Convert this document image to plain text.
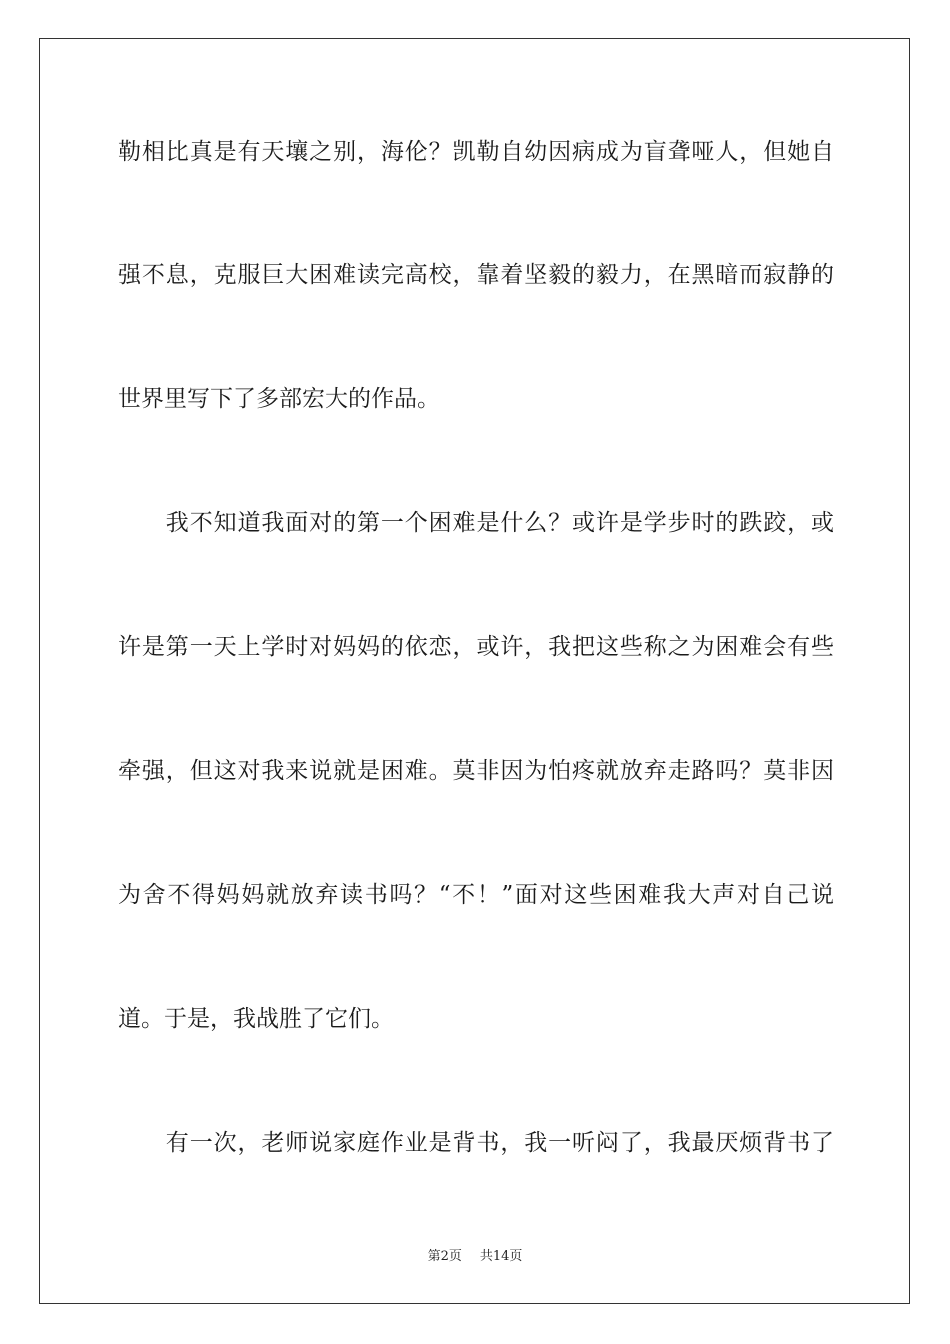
勒相比真是有天壤之别，海伦？凯勒自幼因病成为盲聋哑人，但她自
强不息，克服巨大困难读完高校，靠着坚毅的毅力，在黑暗而寂静的
世界里写下了多部宏大的作品。
　　我不知道我面对的第一个困难是什么？或许是学步时的跌跤，或
许是第一天上学时对妈妈的依恋，或许，我把这些称之为困难会有些
牵强，但这对我来说就是困难。莫非因为怕疼就放弃走路吗？莫非因
为舍不得妈妈就放弃读书吗？“不！”面对这些困难我大声对自己说
道。于是，我战胜了它们。
　　有一次，老师说家庭作业是背书，我一听闷了，我最厌烦背书了
第2页 共14页
